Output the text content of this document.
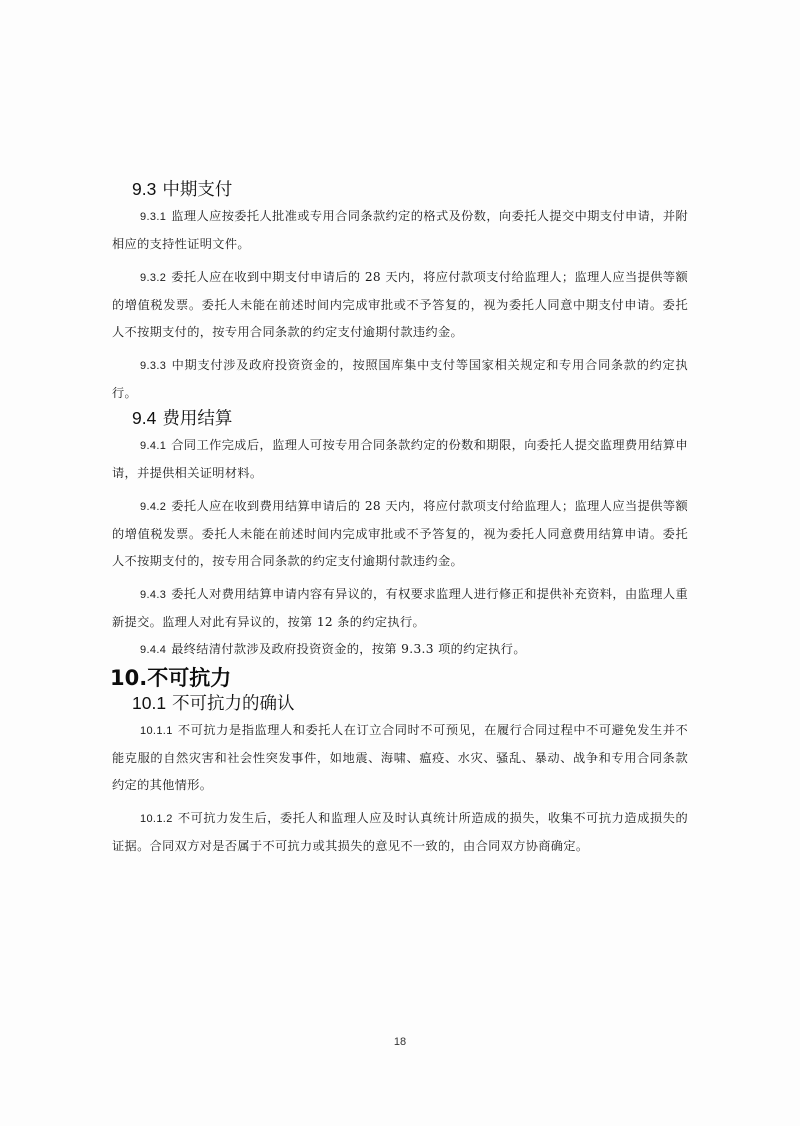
9.3 中期支付

9.3.1 监理人应按委托人批准或专用合同条款约定的格式及份数，向委托人提交中期支付申请，并附相应的支持性证明文件。

9.3.2 委托人应在收到中期支付申请后的 28 天内，将应付款项支付给监理人；监理人应当提供等额的增值税发票。委托人未能在前述时间内完成审批或不予答复的，视为委托人同意中期支付申请。委托人不按期支付的，按专用合同条款的约定支付逾期付款违约金。

9.3.3 中期支付涉及政府投资资金的，按照国库集中支付等国家相关规定和专用合同条款的约定执行。

9.4 费用结算

9.4.1 合同工作完成后，监理人可按专用合同条款约定的份数和期限，向委托人提交监理费用结算申请，并提供相关证明材料。

9.4.2 委托人应在收到费用结算申请后的 28 天内，将应付款项支付给监理人；监理人应当提供等额的增值税发票。委托人未能在前述时间内完成审批或不予答复的，视为委托人同意费用结算申请。委托人不按期支付的，按专用合同条款的约定支付逾期付款违约金。

9.4.3 委托人对费用结算申请内容有异议的，有权要求监理人进行修正和提供补充资料，由监理人重新提交。监理人对此有异议的，按第 12 条的约定执行。

9.4.4 最终结清付款涉及政府投资资金的，按第 9.3.3 项的约定执行。

10.不可抗力
10.1 不可抗力的确认

10.1.1 不可抗力是指监理人和委托人在订立合同时不可预见，在履行合同过程中不可避免发生并不能克服的自然灾害和社会性突发事件，如地震、海啸、瘟疫、水灾、骚乱、暴动、战争和专用合同条款约定的其他情形。

10.1.2 不可抗力发生后，委托人和监理人应及时认真统计所造成的损失，收集不可抗力造成损失的证据。合同双方对是否属于不可抗力或其损失的意见不一致的，由合同双方协商确定。

18
